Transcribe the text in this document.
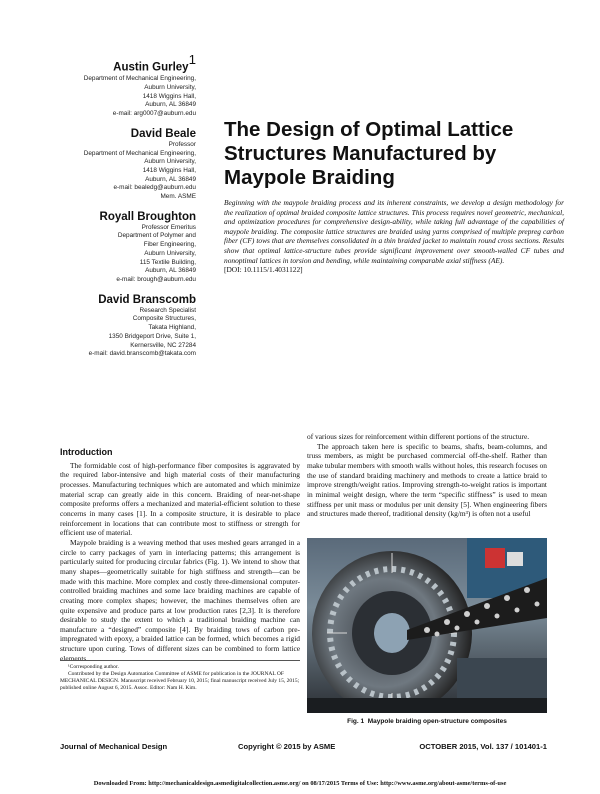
Austin Gurley$^1$

Department of Mechanical Engineering,
Auburn University,
1418 Wiggins Hall,
Auburn, AL 36849
e-mail: arg0007@auburn.edu
David Beale
Professor
Department of Mechanical Engineering,
Auburn University,
1418 Wiggins Hall,
Auburn, AL 36849
e-mail: bealedg@auburn.edu
Mem. ASME
Royall Broughton
Professor Emeritus
Department of Polymer and
Fiber Engineering,
Auburn University,
115 Textile Building,
Auburn, AL 36849
e-mail: brough@auburn.edu
David Branscomb
Research Specialist
Composite Structures,
Takata Highland,
1350 Bridgeport Drive, Suite 1,
Kernersville, NC 27284
e-mail: david.branscomb@takata.com
The Design of Optimal Lattice Structures Manufactured by Maypole Braiding
Beginning with the maypole braiding process and its inherent constraints, we develop a design methodology for the realization of optimal braided composite lattice structures. This process requires novel geometric, mechanical, and optimization procedures for comprehensive design-ability, while taking full advantage of the capabilities of maypole braiding. The composite lattice structures are braided using yarns comprised of multiple prepreg carbon fiber (CF) tows that are themselves consolidated in a thin braided jacket to maintain round cross sections. Results show that optimal lattice-structure tubes provide significant improvement over smooth-walled CF tubes and nonoptimal lattices in torsion and bending, while maintaining comparable axial stiffness (AE).
[DOI: 10.1115/1.4031122]
Introduction

The formidable cost of high-performance fiber composites is aggravated by the required labor-intensive and high material costs of their manufacturing processes. Manufacturing techniques which are automated and which minimize material scrap can greatly aide in this concern. Braiding of near-net-shape composite preforms offers a mechanized and material-efficient solution to these concerns in many cases [1]. In a composite structure, it is desirable to place reinforcement in locations that can contribute most to stiffness or strength for efficient use of material.

Maypole braiding is a weaving method that uses meshed gears arranged in a circle to carry packages of yarn in interlacing patterns; this arrangement is particularly suited for producing circular fabrics (Fig. 1). We intend to show that many shapes—geometrically suitable for high stiffness and strength—can be made with this machine. More complex and costly three-dimensional computer-controlled braiding machines and some lace braiding machines are capable of creating more complex shapes; however, the machines themselves often are quite expensive and produce parts at low production rates [2,3]. It is therefore desirable to study the extent to which a traditional braiding machine can manufacture a “designed” composite [4]. By braiding tows of carbon pre-impregnated with epoxy, a braided lattice can be formed, which becomes a rigid structure upon curing. Tows of different sizes can be combined to form lattice elements

¹Corresponding author.

Contributed by the Design Automation Committee of ASME for publication in the JOURNAL OF MECHANICAL DESIGN. Manuscript received February 10, 2015; final manuscript received July 15, 2015; published online August 6, 2015. Assoc. Editor: Nam H. Kim.

of various sizes for reinforcement within different portions of the structure.

The approach taken here is specific to beams, shafts, beam-columns, and truss members, as might be purchased commercial off-the-shelf. Rather than make tubular members with smooth walls without holes, this research focuses on the use of standard braiding machinery and methods to create a lattice braid to improve strength/weight ratios. Improving strength-to-weight ratios is important in minimal weight design, where the term “specific stiffness” is used to mean stiffness per unit mass or modulus per unit density [5]. When engineering fibers and structures made thereof, traditional density (kg/m³) is often not a useful

Fig. 1 Maypole braiding open-structure composites
Journal of Mechanical Design	Copyright © 2015 by ASME	OCTOBER 2015, Vol. 137 / 101401-1
Downloaded From: http://mechanicaldesign.asmedigitalcollection.asme.org/ on 08/17/2015 Terms of Use: http://www.asme.org/about-asme/terms-of-use
